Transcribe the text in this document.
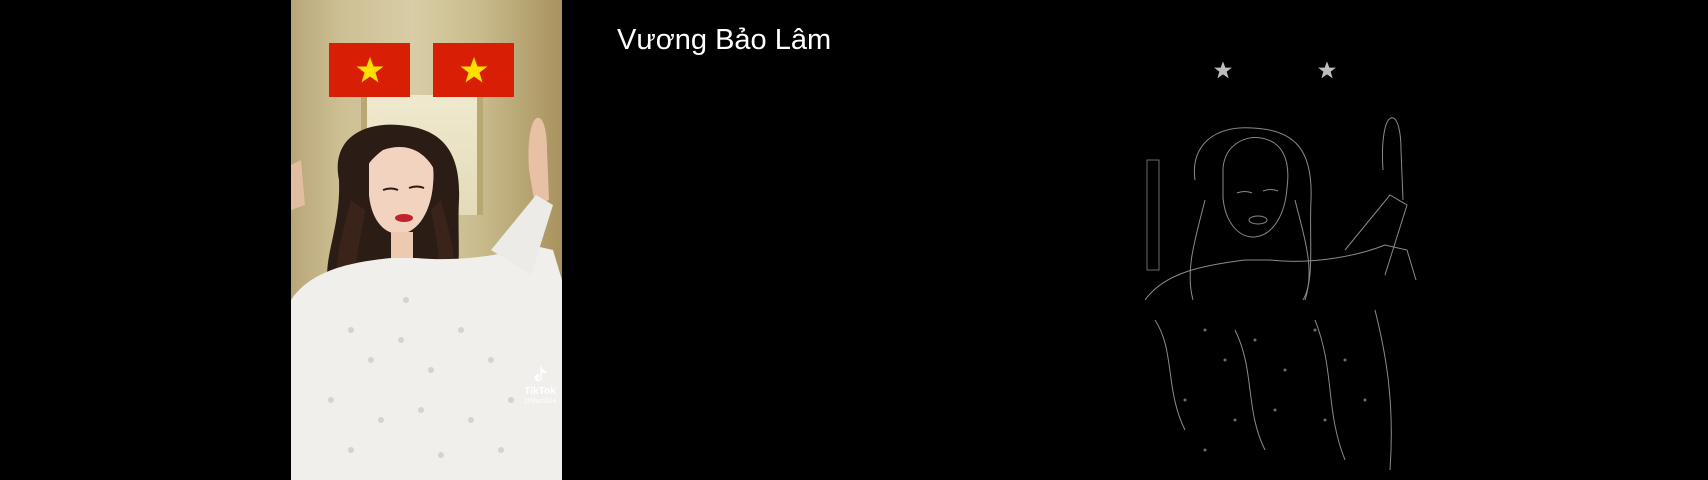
TikTok
@lilian024
Vương Bảo Lâm
